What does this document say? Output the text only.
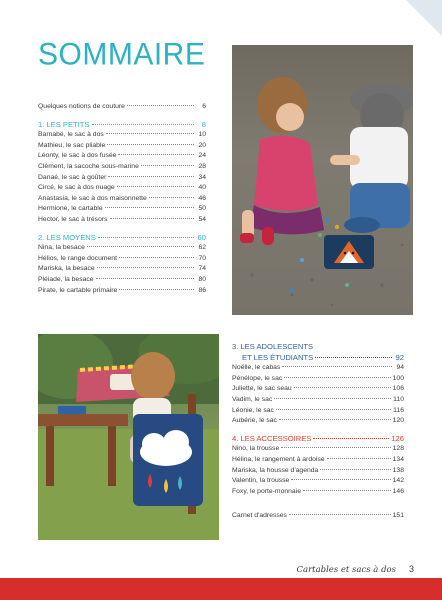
SOMMAIRE
Quelques notions de couture	6
1. LES PETITS	8
Barnabé, le sac à dos	10
Mathieu, le sac pliable	20
Léonty, le sac à dos fusée	24
Clément, la sacoche sous-marine	28
Danaé, le sac à goûter	34
Circé, le sac à dos nuage	40
Anastasia, le sac à dos maisonnette	46
Hermione, le cartable	50
Hector, le sac à trésors	54
2. LES MOYENS	60
Nina, la besace	62
Hélios, le range document	70
Mariska, la besace	74
Pléiade, la besace	80
Pirate, le cartable primaire	86
3. LES ADOLESCENTS
ET LES ÉTUDIANTS	92
Noëlle, le cabas	94
Pénélope, le sac	100
Juliette, le sac seau	106
Vadim, le sac	110
Léonie, le sac	116
Aubérie, le sac	120
4. LES ACCESSOIRES	126
Nino, la trousse	128
Hélina, le rangement à ardoise	134
Mariska, la housse d'agenda	138
Valentin, la trousse	142
Foxy, le porte-monnaie	146
Carnet d'adresses	151
Cartables et sacs à dos 3
